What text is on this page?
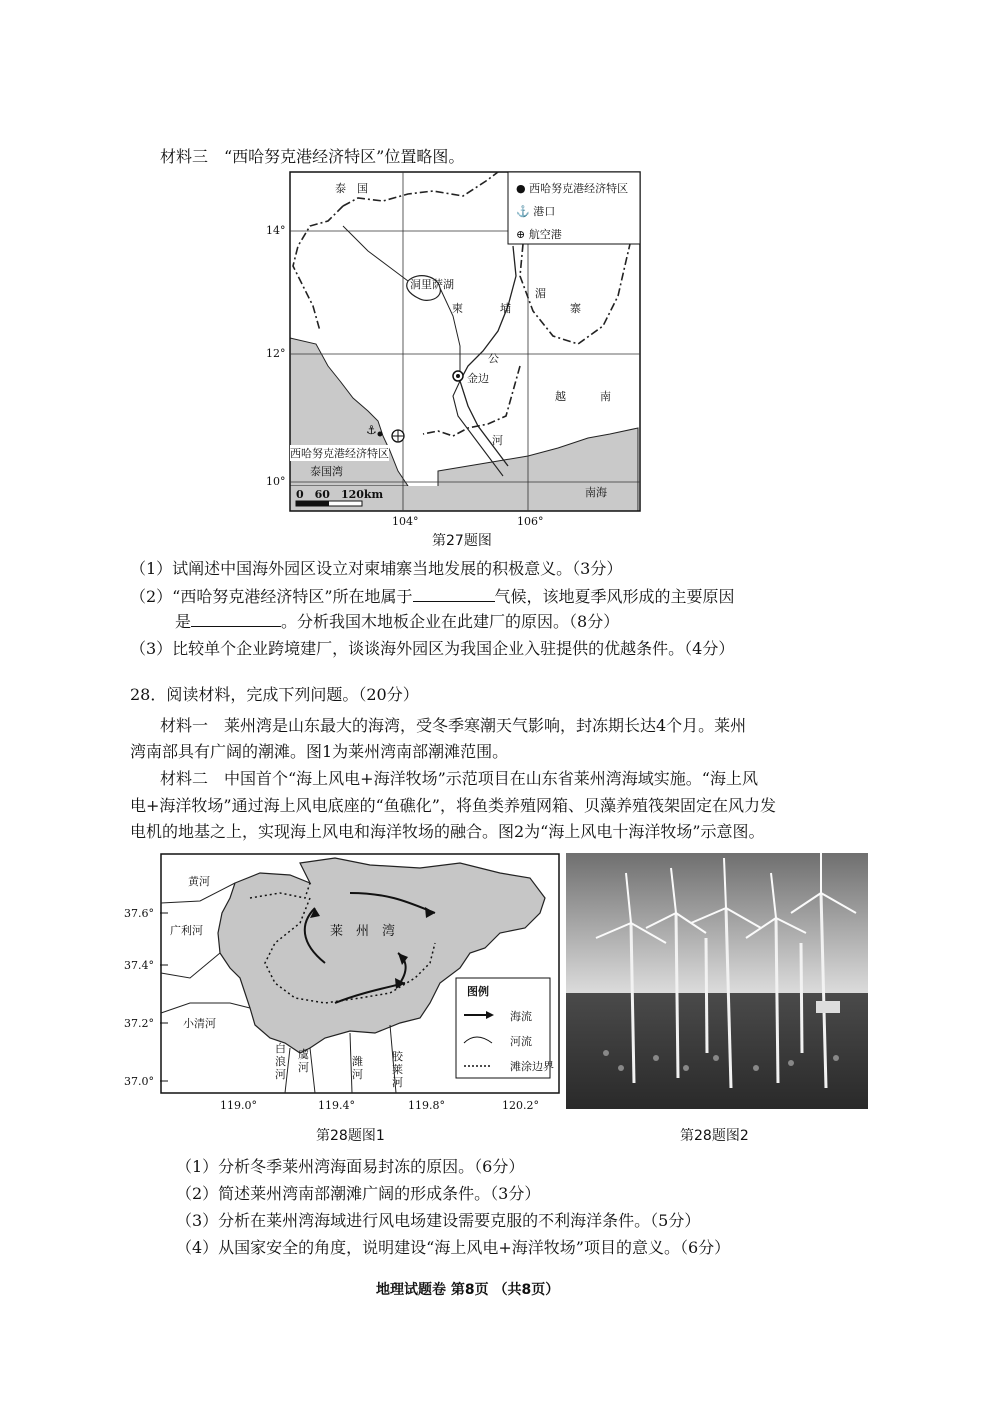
材料三　“西哈努克港经济特区”位置略图。
⚓
泰　国
洞里萨湖
柬	埔	寨
湄
公
河
金边
越	南
西哈努克港经济特区
泰国湾
南海
0　60　120km
14°
12°
10°
104°	106°
● 西哈努克港经济特区
⚓ 港口
⊕ 航空港
第27题图
（1）试阐述中国海外园区设立对柬埔寨当地发展的积极意义。（3分）
（2）“西哈努克港经济特区”所在地属于	气候，该地夏季风形成的主要原因
是	。分析我国木地板企业在此建厂的原因。（8分）
（3）比较单个企业跨境建厂，谈谈海外园区为我国企业入驻提供的优越条件。（4分）
28．阅读材料，完成下列问题。（20分）
材料一　莱州湾是山东最大的海湾，受冬季寒潮天气影响，封冻期长达4个月。莱州
湾南部具有广阔的潮滩。图1为莱州湾南部潮滩范围。
材料二　中国首个“海上风电+海洋牧场”示范项目在山东省莱州湾海域实施。“海上风
电+海洋牧场”通过海上风电底座的“鱼礁化”，将鱼类养殖网箱、贝藻养殖筏架固定在风力发
电机的地基之上，实现海上风电和海洋牧场的融合。图2为“海上风电十海洋牧场”示意图。
黄河
广利河
小清河
莱　州　湾
白浪河
虞河	潍河
胶莱河
37.6°
37.4°
37.2°
37.0°
119.0°	119.4°	119.8°	120.2°
图例
海流
河流
滩涂边界
第28题图1	第28题图2
（1）分析冬季莱州湾海面易封冻的原因。（6分）
（2）简述莱州湾南部潮滩广阔的形成条件。（3分）
（3）分析在莱州湾海域进行风电场建设需要克服的不利海洋条件。（5分）
（4）从国家安全的角度，说明建设“海上风电+海洋牧场”项目的意义。（6分）
地理试题卷 第8页 （共8页）
